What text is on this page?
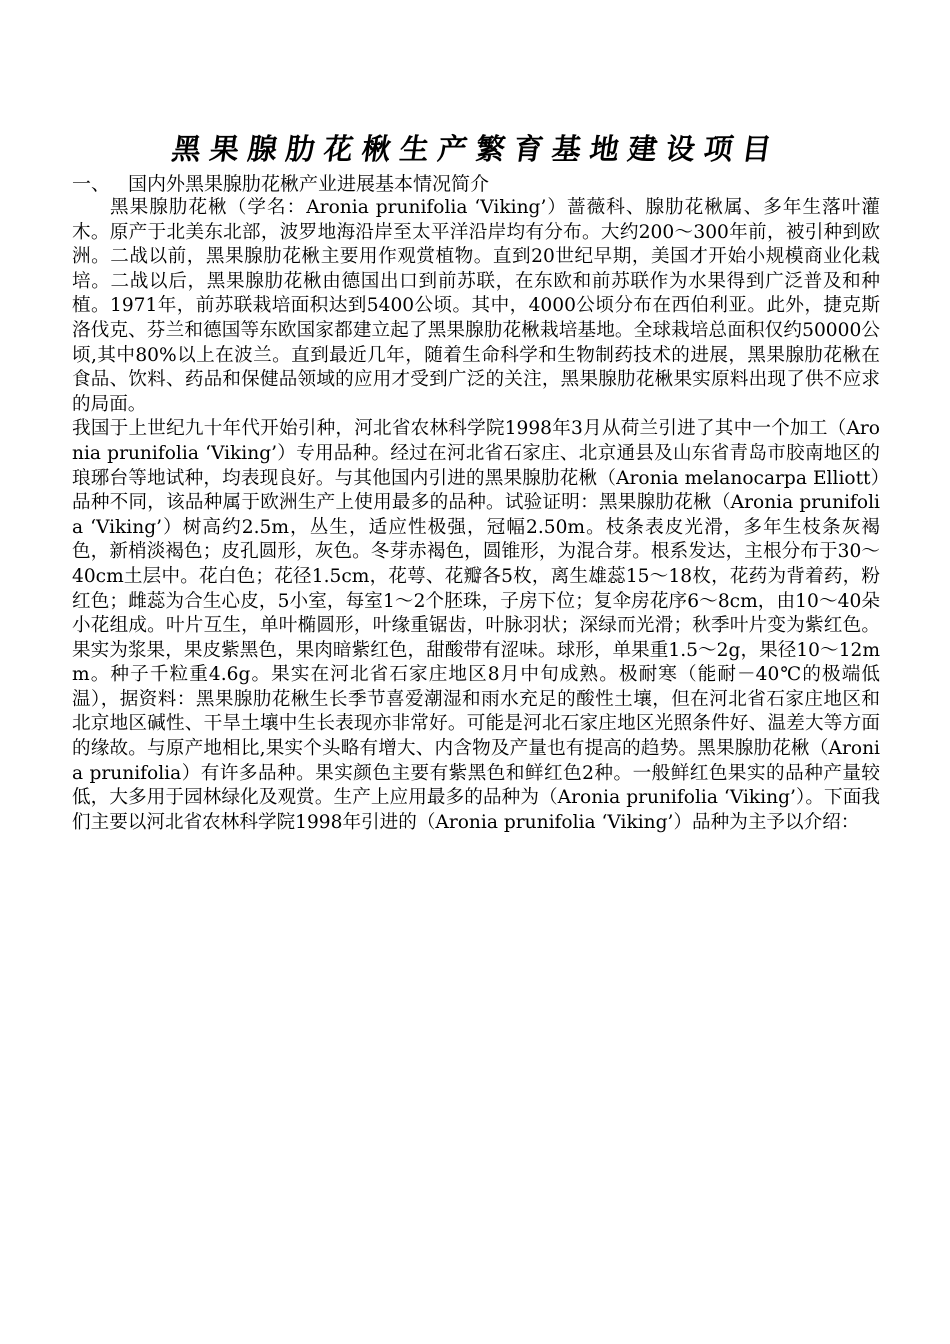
黑果腺肋花楸生产繁育基地建设项目

一、 国内外黑果腺肋花楸产业进展基本情况简介

黑果腺肋花楸（学名：Aronia prunifolia ‘Viking’）蔷薇科、腺肋花楸属、多年生落叶灌木。原产于北美东北部，波罗地海沿岸至太平洋沿岸均有分布。大约200～300年前，被引种到欧洲。二战以前，黑果腺肋花楸主要用作观赏植物。直到20世纪早期，美国才开始小规模商业化栽培。二战以后，黑果腺肋花楸由德国出口到前苏联，在东欧和前苏联作为水果得到广泛普及和种植。1971年，前苏联栽培面积达到5400公顷。其中，4000公顷分布在西伯利亚。此外，捷克斯洛伐克、芬兰和德国等东欧国家都建立起了黑果腺肋花楸栽培基地。全球栽培总面积仅约50000公顷,其中80%以上在波兰。直到最近几年，随着生命科学和生物制药技术的进展，黑果腺肋花楸在食品、饮料、药品和保健品领域的应用才受到广泛的关注，黑果腺肋花楸果实原料出现了供不应求的局面。

我国于上世纪九十年代开始引种，河北省农林科学院1998年3月从荷兰引进了其中一个加工（Aronia prunifolia ‘Viking’）专用品种。经过在河北省石家庄、北京通县及山东省青岛市胶南地区的琅琊台等地试种，均表现良好。与其他国内引进的黑果腺肋花楸（Aronia melanocarpa Elliott）品种不同，该品种属于欧洲生产上使用最多的品种。试验证明：黑果腺肋花楸（Aronia prunifolia ‘Viking’）树高约2.5m，丛生，适应性极强，冠幅2.50m。枝条表皮光滑，多年生枝条灰褐色，新梢淡褐色；皮孔圆形，灰色。冬芽赤褐色，圆锥形，为混合芽。根系发达，主根分布于30～40cm土层中。花白色；花径1.5cm，花萼、花瓣各5枚，离生雄蕊15～18枚，花药为背着药，粉红色；雌蕊为合生心皮，5小室，每室1～2个胚珠，子房下位；复伞房花序6～8cm，由10～40朵小花组成。叶片互生，单叶椭圆形，叶缘重锯齿，叶脉羽状；深绿而光滑；秋季叶片变为紫红色。果实为浆果，果皮紫黑色，果肉暗紫红色，甜酸带有涩味。球形，单果重1.5～2g，果径10～12mm。种子千粒重4.6g。果实在河北省石家庄地区8月中旬成熟。极耐寒（能耐－40℃的极端低温），据资料：黑果腺肋花楸生长季节喜爱潮湿和雨水充足的酸性土壤，但在河北省石家庄地区和北京地区碱性、干旱土壤中生长表现亦非常好。可能是河北石家庄地区光照条件好、温差大等方面的缘故。与原产地相比,果实个头略有增大、内含物及产量也有提高的趋势。黑果腺肋花楸（Aronia prunifolia）有许多品种。果实颜色主要有紫黑色和鲜红色2种。一般鲜红色果实的品种产量较低，大多用于园林绿化及观赏。生产上应用最多的品种为（Aronia prunifolia ‘Viking’）。下面我们主要以河北省农林科学院1998年引进的（Aronia prunifolia ‘Viking’）品种为主予以介绍：
